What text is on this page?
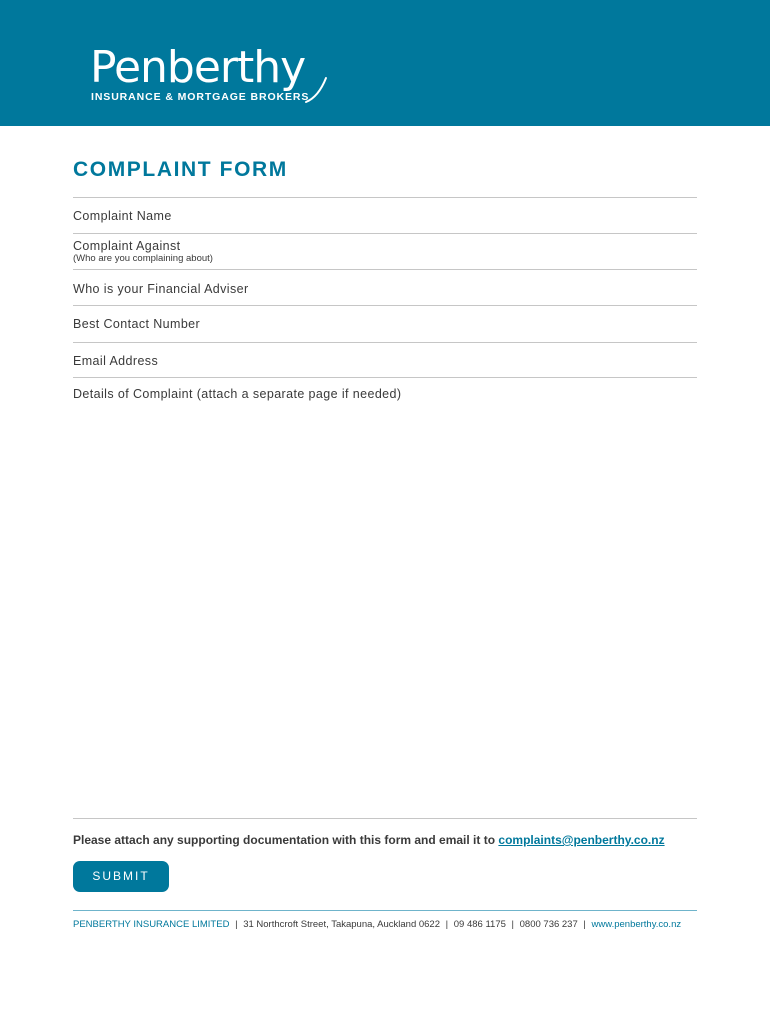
Penberthy
INSURANCE & MORTGAGE BROKERS
COMPLAINT FORM
Complaint Name
Complaint Against
(Who are you complaining about)
Who is your Financial Adviser
Best Contact Number
Email Address
Details of Complaint (attach a separate page if needed)
Please attach any supporting documentation with this form and email it to complaints@penberthy.co.nz
SUBMIT
PENBERTHY INSURANCE LIMITED | 31 Northcroft Street, Takapuna, Auckland 0622 | 09 486 1175 | 0800 736 237 | www.penberthy.co.nz
